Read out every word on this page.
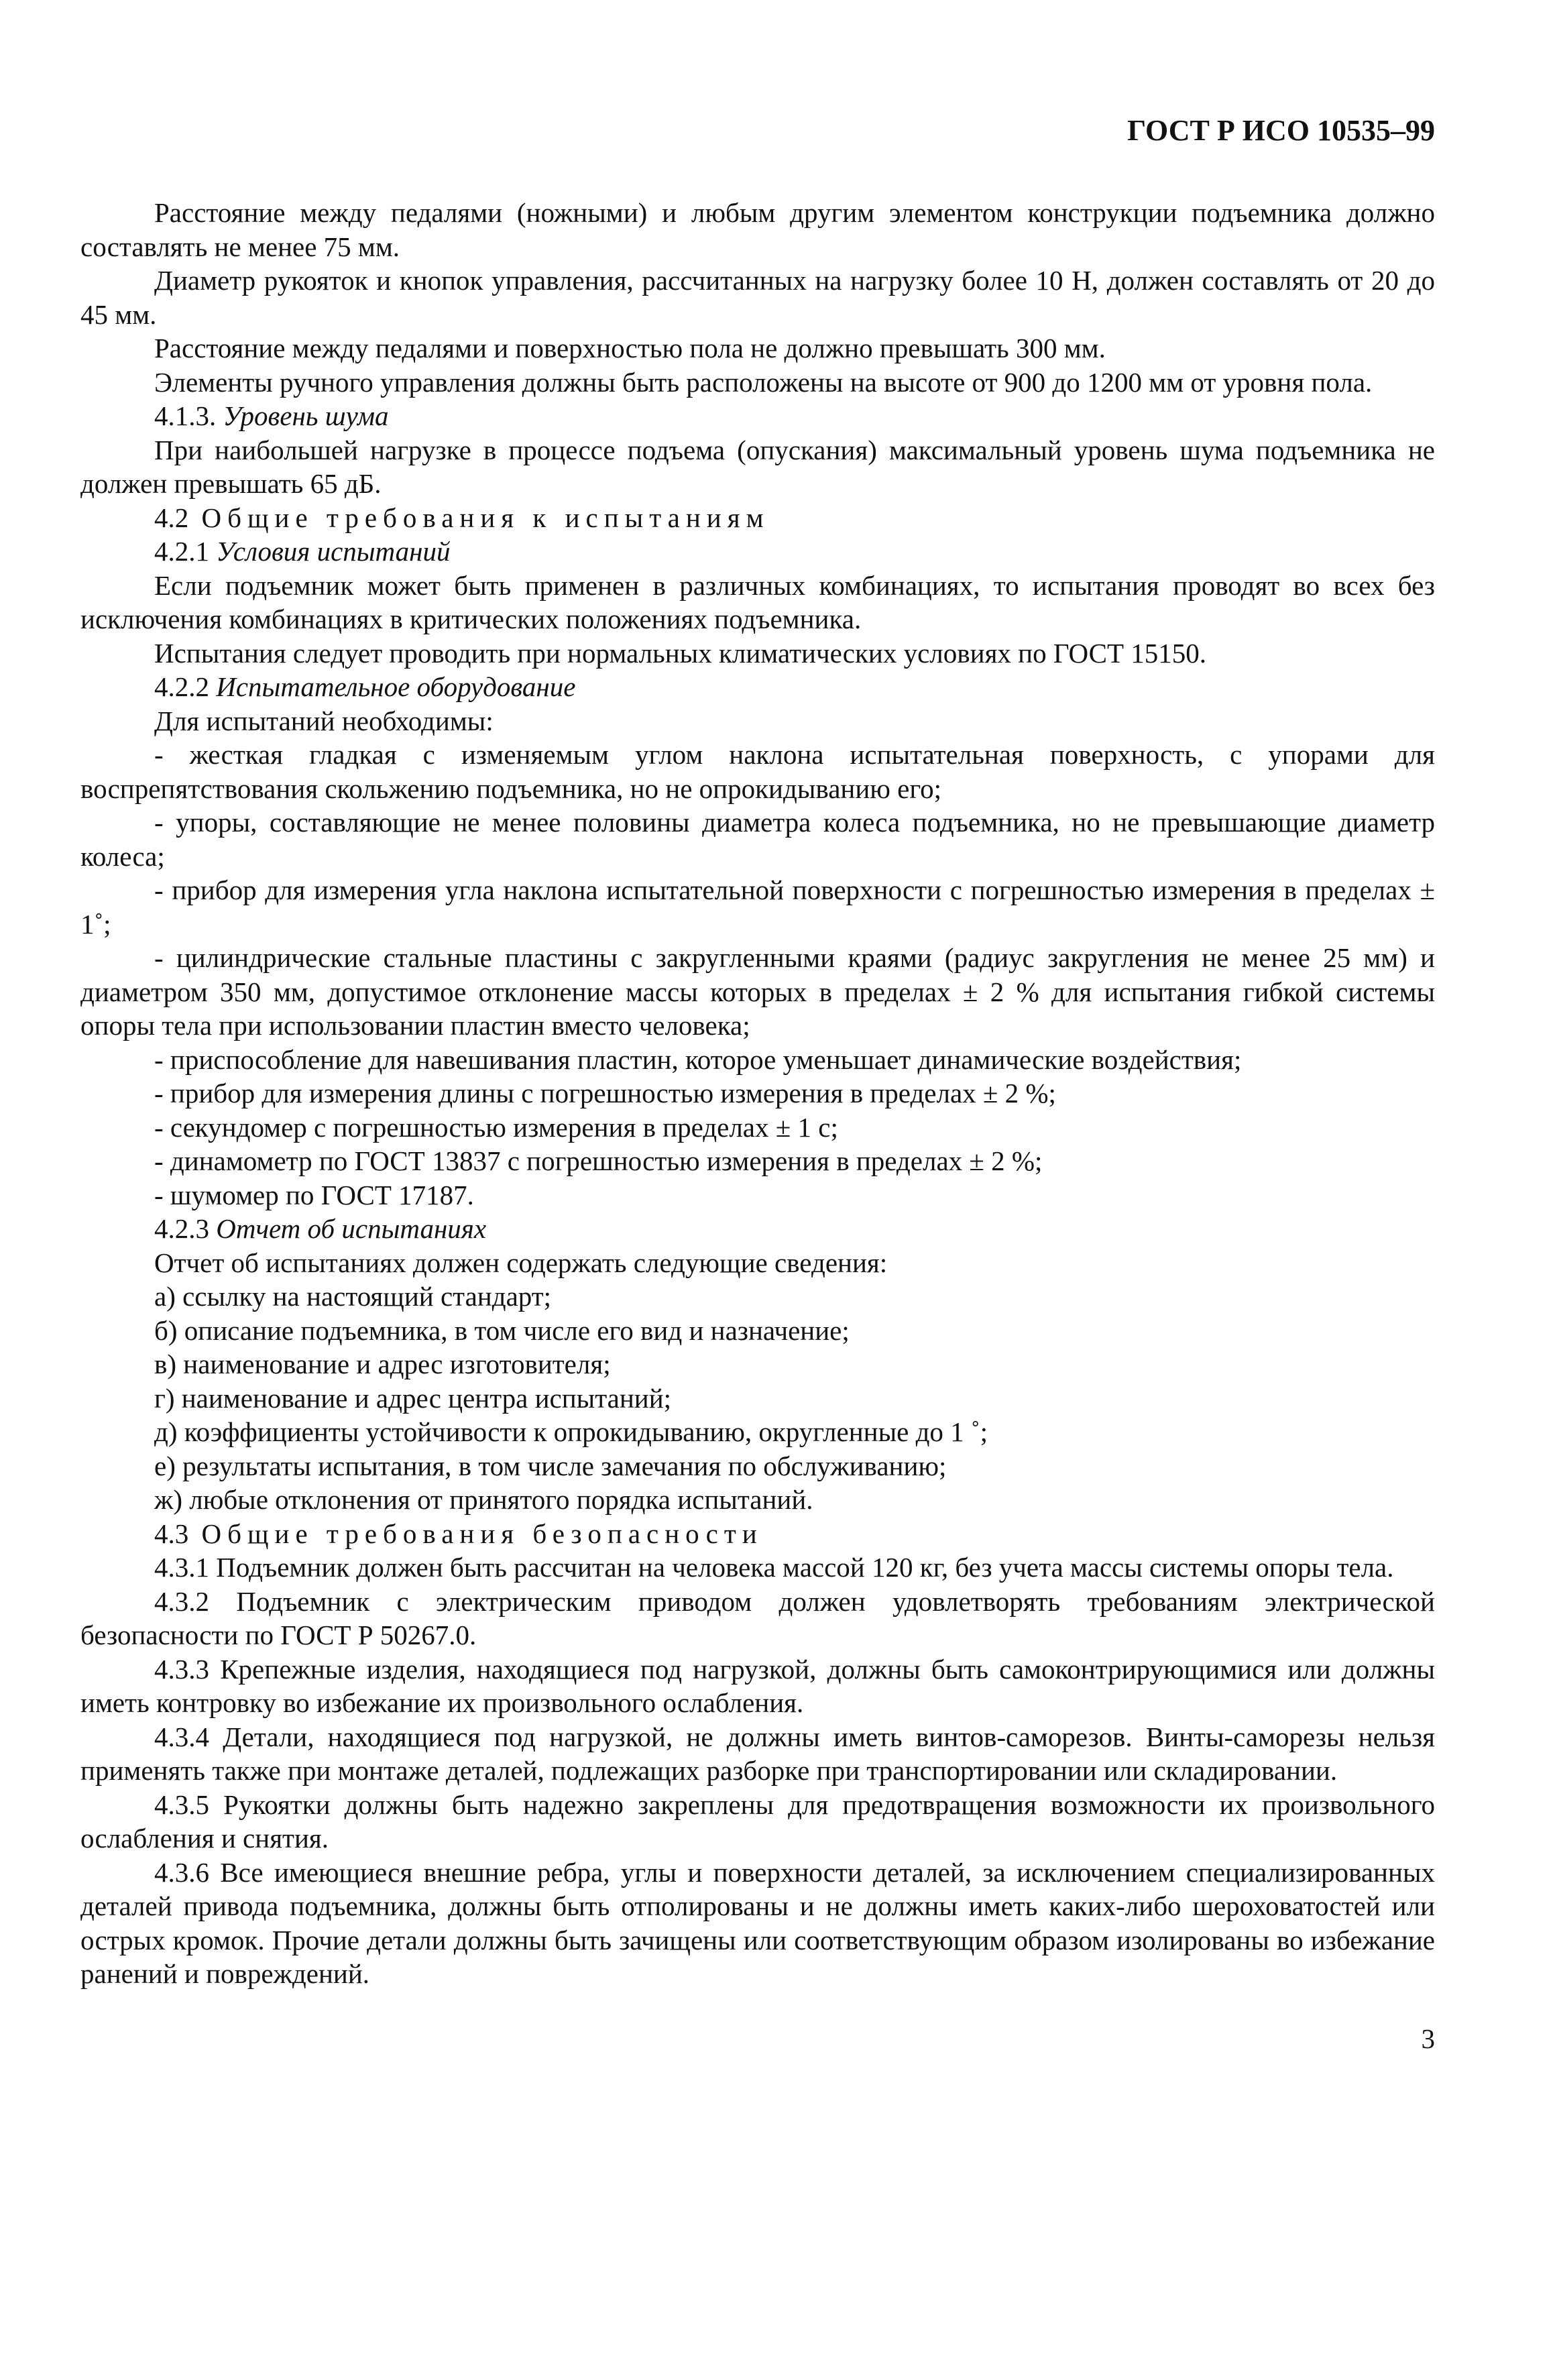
ГОСТ Р ИСО 10535–99

Расстояние между педалями (ножными) и любым другим элементом конструкции подъемника должно составлять не менее 75 мм.

Диаметр рукояток и кнопок управления, рассчитанных на нагрузку более 10 Н, должен составлять от 20 до 45 мм.

Расстояние между педалями и поверхностью пола не должно превышать 300 мм.

Элементы ручного управления должны быть расположены на высоте от 900 до 1200 мм от уровня пола.

4.1.3. Уровень шума

При наибольшей нагрузке в процессе подъема (опускания) максимальный уровень шума подъемника не должен превышать 65 дБ.

4.2 Общие требования к испытаниям

4.2.1 Условия испытаний

Если подъемник может быть применен в различных комбинациях, то испытания проводят во всех без исключения комбинациях в критических положениях подъемника.

Испытания следует проводить при нормальных климатических условиях по ГОСТ 15150.

4.2.2 Испытательное оборудование

Для испытаний необходимы:

- жесткая гладкая с изменяемым углом наклона испытательная поверхность, с упорами для воспрепятствования скольжению подъемника, но не опрокидыванию его;

- упоры, составляющие не менее половины диаметра колеса подъемника, но не превышающие диаметр колеса;

- прибор для измерения угла наклона испытательной поверхности с погрешностью измерения в пределах ± 1˚;

- цилиндрические стальные пластины с закругленными краями (радиус закругления не менее 25 мм) и диаметром 350 мм, допустимое отклонение массы которых в пределах ± 2 % для испытания гибкой системы опоры тела при использовании пластин вместо человека;

- приспособление для навешивания пластин, которое уменьшает динамические воздействия;

- прибор для измерения длины с погрешностью измерения в пределах ± 2 %;

- секундомер с погрешностью измерения в пределах ± 1 с;

- динамометр по ГОСТ 13837 с погрешностью измерения в пределах ± 2 %;

- шумомер по ГОСТ 17187.

4.2.3 Отчет об испытаниях

Отчет об испытаниях должен содержать следующие сведения:

а) ссылку на настоящий стандарт;

б) описание подъемника, в том числе его вид и назначение;

в) наименование и адрес изготовителя;

г) наименование и адрес центра испытаний;

д) коэффициенты устойчивости к опрокидыванию, округленные до 1 ˚;

е) результаты испытания, в том числе замечания по обслуживанию;

ж) любые отклонения от принятого порядка испытаний.

4.3 Общие требования безопасности

4.3.1 Подъемник должен быть рассчитан на человека массой 120 кг, без учета массы системы опоры тела.

4.3.2 Подъемник с электрическим приводом должен удовлетворять требованиям электрической безопасности по ГОСТ Р 50267.0.

4.3.3 Крепежные изделия, находящиеся под нагрузкой, должны быть самоконтрирующимися или должны иметь контровку во избежание их произвольного ослабления.

4.3.4 Детали, находящиеся под нагрузкой, не должны иметь винтов-саморезов. Винты-саморезы нельзя применять также при монтаже деталей, подлежащих разборке при транспортировании или складировании.

4.3.5 Рукоятки должны быть надежно закреплены для предотвращения возможности их произвольного ослабления и снятия.

4.3.6 Все имеющиеся внешние ребра, углы и поверхности деталей, за исключением специализированных деталей привода подъемника, должны быть отполированы и не должны иметь каких-либо шероховатостей или острых кромок. Прочие детали должны быть зачищены или соответствующим образом изолированы во избежание ранений и повреждений.

3
